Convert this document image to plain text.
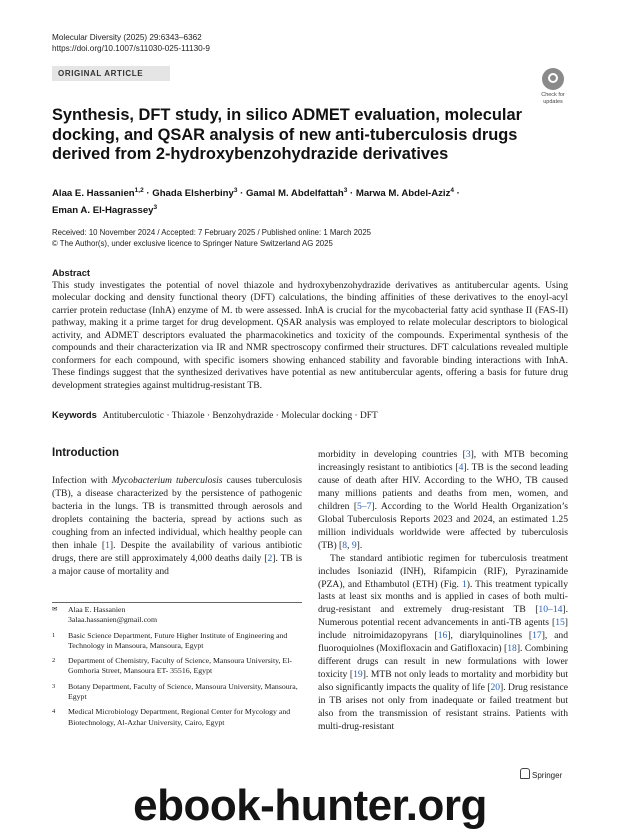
Molecular Diversity (2025) 29:6343–6362
https://doi.org/10.1007/s11030-025-11130-9
ORIGINAL ARTICLE
Check for updates
Synthesis, DFT study, in silico ADMET evaluation, molecular docking, and QSAR analysis of new anti-tuberculosis drugs derived from 2-hydroxybenzohydrazide derivatives
Alaa E. Hassanien$^{1,2}$ · Ghada Elsherbiny$^3$ · Gamal M. Abdelfattah$^3$ · Marwa M. Abdel-Aziz$^4$ ·
Eman A. El-Hagrassey$^3$
Received: 10 November 2024 / Accepted: 7 February 2025 / Published online: 1 March 2025
© The Author(s), under exclusive licence to Springer Nature Switzerland AG 2025
Abstract
This study investigates the potential of novel thiazole and hydroxybenzohydrazide derivatives as antitubercular agents. Using molecular docking and density functional theory (DFT) calculations, the binding affinities of these derivatives to the enoyl-acyl carrier protein reductase (InhA) enzyme of M. tb were assessed. InhA is crucial for the mycobacterial fatty acid synthase II (FAS-II) pathway, making it a prime target for drug development. QSAR analysis was employed to relate molecular descriptors to biological activity, and ADMET descriptors evaluated the pharmacokinetics and toxicity of the compounds. Experimental synthesis of the compounds and their characterization via IR and NMR spectroscopy confirmed their structures. DFT calculations revealed multiple conformers for each compound, with specific isomers showing enhanced stability and favorable binding interactions with InhA. These findings suggest that the synthesized derivatives have potential as new antitubercular agents, offering a basis for future drug development strategies against multidrug-resistant TB.
Keywords Antituberculotic · Thiazole · Benzohydrazide · Molecular docking · DFT
Introduction

Infection with Mycobacterium tuberculosis causes tuberculosis (TB), a disease characterized by the persistence of pathogenic bacteria in the lungs. TB is transmitted through aerosols and droplets containing the bacteria, spread by actions such as coughing from an infected individual, which healthy people can then inhale [1]. Despite the availability of various antibiotic drugs, there are still approximately 4,000 deaths daily [2]. TB is a major cause of mortality and

morbidity in developing countries [3], with MTB becoming increasingly resistant to antibiotics [4]. TB is the second leading cause of death after HIV. According to the WHO, TB caused many millions patients and deaths from men, women, and children [5–7]. According to the World Health Organization’s Global Tuberculosis Reports 2023 and 2024, an estimated 1.25 million individuals worldwide were affected by tuberculosis (TB) [8, 9].

The standard antibiotic regimen for tuberculosis treatment includes Isoniazid (INH), Rifampicin (RIF), Pyrazinamide (PZA), and Ethambutol (ETH) (Fig. 1). This treatment typically lasts at least six months and is applied in cases of both multi-drug-resistant and extremely drug-resistant TB [10–14]. Numerous potential recent advancements in anti-TB agents [15] include nitroimidazopyrans [16], diarylquinolines [17], and fluoroquiolnes (Moxifloxacin and Gatifloxacin) [18]. Combining different drugs can result in new formulations with lower toxicity [19]. MTB not only leads to mortality and morbidity but also significantly impacts the quality of life [20]. Drug resistance in TB arises not only from inadequate or failed treatment but also from the transmission of resistant strains. Patients with multi-drug-resistant

✉ Alaa E. Hassanien
3alaa.hassanien@gmail.com
1 Basic Science Department, Future Higher Institute of Engineering and Technology in Mansoura, Mansoura, Egypt
2 Department of Chemistry, Faculty of Science, Mansoura University, El-Gomhoria Street, Mansoura ET- 35516, Egypt
3 Botany Department, Faculty of Science, Mansoura University, Mansoura, Egypt
4 Medical Microbiology Department, Regional Center for Mycology and Biotechnology, Al-Azhar University, Cairo, Egypt
Springer
ebook-hunter.org
